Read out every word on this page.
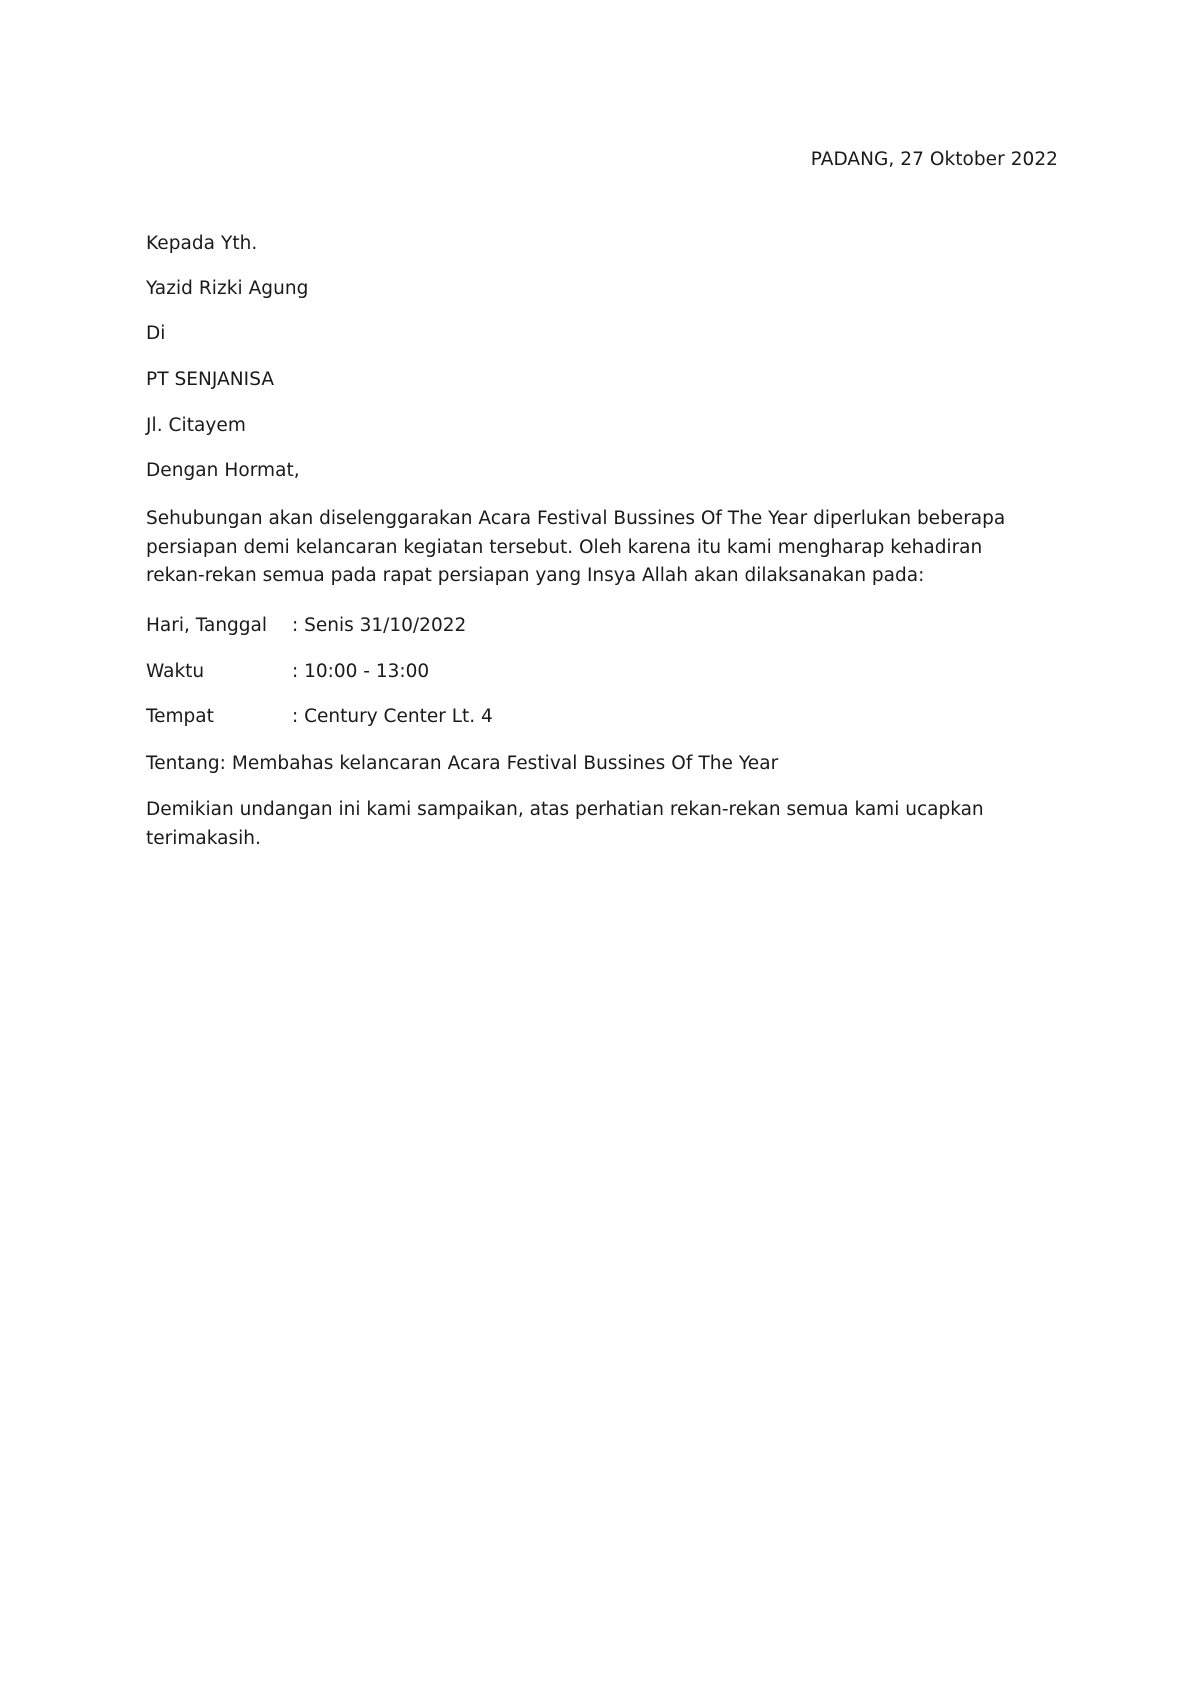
PADANG, 27 Oktober 2022
Kepada Yth.
Yazid Rizki Agung
Di
PT SENJANISA
Jl. Citayem
Dengan Hormat,
Sehubungan akan diselenggarakan Acara Festival Bussines Of The Year diperlukan beberapa persiapan demi kelancaran kegiatan tersebut. Oleh karena itu kami mengharap kehadiran rekan-rekan semua pada rapat persiapan yang Insya Allah akan dilaksanakan pada:
Hari, Tanggal : Senis 31/10/2022
Waktu	: 10:00 - 13:00
Tempat	: Century Center Lt. 4
Tentang: Membahas kelancaran Acara Festival Bussines Of The Year
Demikian undangan ini kami sampaikan, atas perhatian rekan-rekan semua kami ucapkan terimakasih.
